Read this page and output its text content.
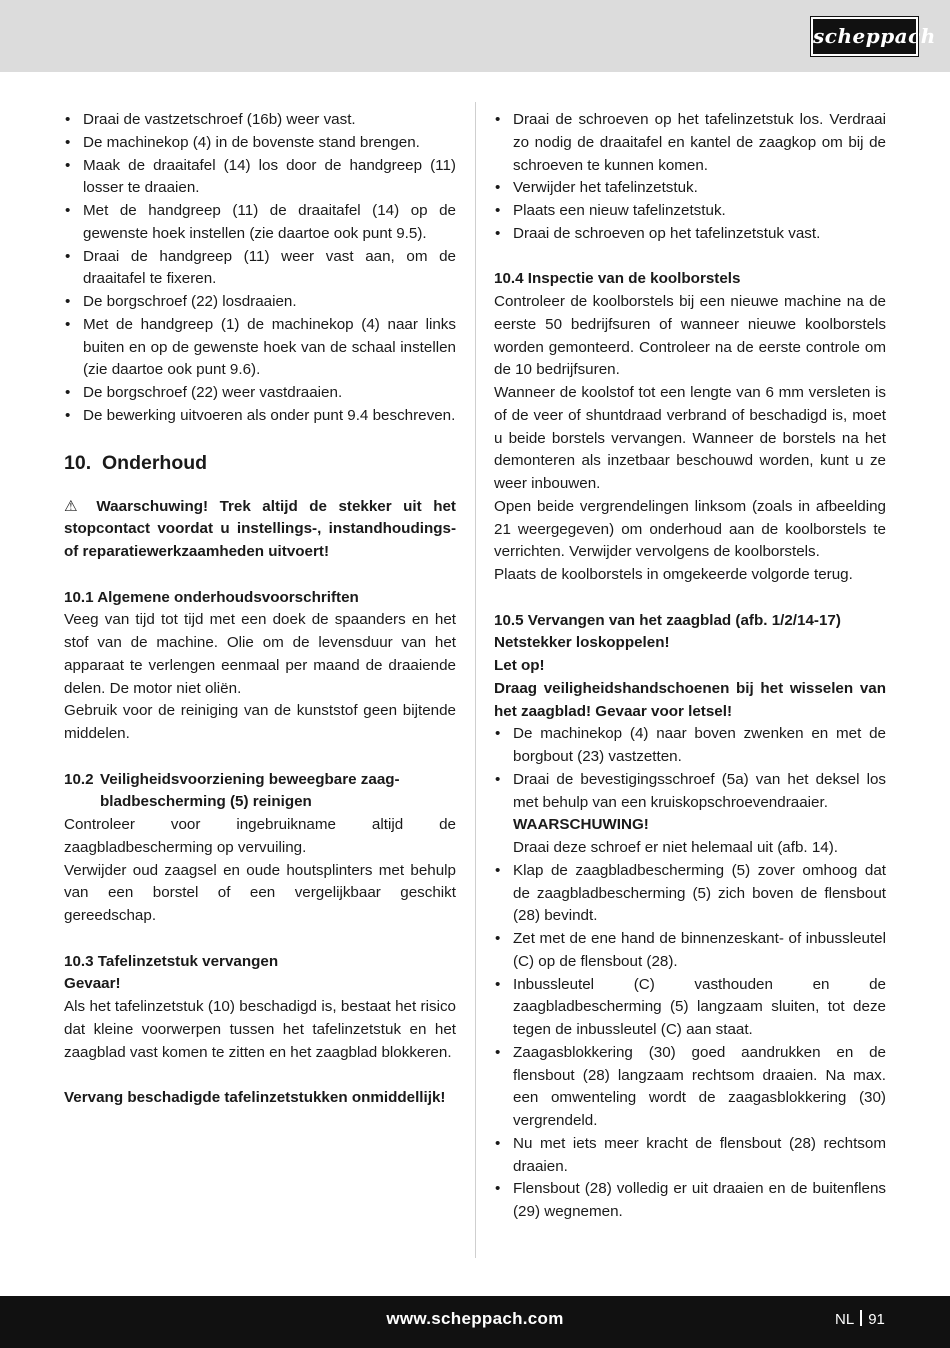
scheppach
• Draai de vastzetschroef (16b) weer vast.
• De machinekop (4) in de bovenste stand brengen.
• Maak de draaitafel (14) los door de handgreep (11) losser te draaien.
• Met de handgreep (11) de draaitafel (14) op de gewenste hoek instellen (zie daartoe ook punt 9.5).
• Draai de handgreep (11) weer vast aan, om de draaitafel te fixeren.
• De borgschroef (22) losdraaien.
• Met de handgreep (1) de machinekop (4) naar links buiten en op de gewenste hoek van de schaal instellen (zie daartoe ook punt 9.6).
• De borgschroef (22) weer vastdraaien.
• De bewerking uitvoeren als onder punt 9.4 beschreven.
10. Onderhoud

⚠ Waarschuwing! Trek altijd de stekker uit het stopcontact voordat u instellings-, instandhoudings- of reparatiewerkzaamheden uitvoert!

10.1 Algemene onderhoudsvoorschriften

Veeg van tijd tot tijd met een doek de spaanders en het stof van de machine. Olie om de levensduur van het apparaat te verlengen eenmaal per maand de draaiende delen. De motor niet oliën.

Gebruik voor de reiniging van de kunststof geen bijtende middelen.

10.2 Veiligheidsvoorziening beweegbare zaag-
bladbescherming (5) reinigen

Controleer voor ingebruikname altijd de zaagbladbescherming op vervuiling.

Verwijder oud zaagsel en oude houtsplinters met behulp van een borstel of een vergelijkbaar geschikt gereedschap.

10.3 Tafelinzetstuk vervangen
Gevaar!

Als het tafelinzetstuk (10) beschadigd is, bestaat het risico dat kleine voorwerpen tussen het tafelinzetstuk en het zaagblad vast komen te zitten en het zaagblad blokkeren.

Vervang beschadigde tafelinzetstukken onmiddellijk!

• Draai de schroeven op het tafelinzetstuk los. Verdraai zo nodig de draaitafel en kantel de zaagkop om bij de schroeven te kunnen komen.
• Verwijder het tafelinzetstuk.
• Plaats een nieuw tafelinzetstuk.
• Draai de schroeven op het tafelinzetstuk vast.
10.4 Inspectie van de koolborstels

Controleer de koolborstels bij een nieuwe machine na de eerste 50 bedrijfsuren of wanneer nieuwe koolborstels worden gemonteerd. Controleer na de eerste controle om de 10 bedrijfsuren.

Wanneer de koolstof tot een lengte van 6 mm versleten is of de veer of shuntdraad verbrand of beschadigd is, moet u beide borstels vervangen. Wanneer de borstels na het demonteren als inzetbaar beschouwd worden, kunt u ze weer inbouwen.

Open beide vergrendelingen linksom (zoals in afbeelding 21 weergegeven) om onderhoud aan de koolborstels te verrichten. Verwijder vervolgens de koolborstels.

Plaats de koolborstels in omgekeerde volgorde terug.

10.5 Vervangen van het zaagblad (afb. 1/2/14-17)
Netstekker loskoppelen!
Let op!

Draag veiligheidshandschoenen bij het wisselen van het zaagblad! Gevaar voor letsel!

• De machinekop (4) naar boven zwenken en met de borgbout (23) vastzetten.
• Draai de bevestigingsschroef (5a) van het deksel los met behulp van een kruiskopschroevendraaier.
WAARSCHUWING!
Draai deze schroef er niet helemaal uit (afb. 14).
• Klap de zaagbladbescherming (5) zover omhoog dat de zaagbladbescherming (5) zich boven de flensbout (28) bevindt.
• Zet met de ene hand de binnenzeskant- of inbussleutel (C) op de flensbout (28).
• Inbussleutel (C) vasthouden en de zaagbladbescherming (5) langzaam sluiten, tot deze tegen de inbussleutel (C) aan staat.
• Zaagasblokkering (30) goed aandrukken en de flensbout (28) langzaam rechtsom draaien. Na max. een omwenteling wordt de zaagasblokkering (30) vergrendeld.
• Nu met iets meer kracht de flensbout (28) rechtsom draaien.
• Flensbout (28) volledig er uit draaien en de buitenflens (29) wegnemen.
www.scheppach.com	NL 91
